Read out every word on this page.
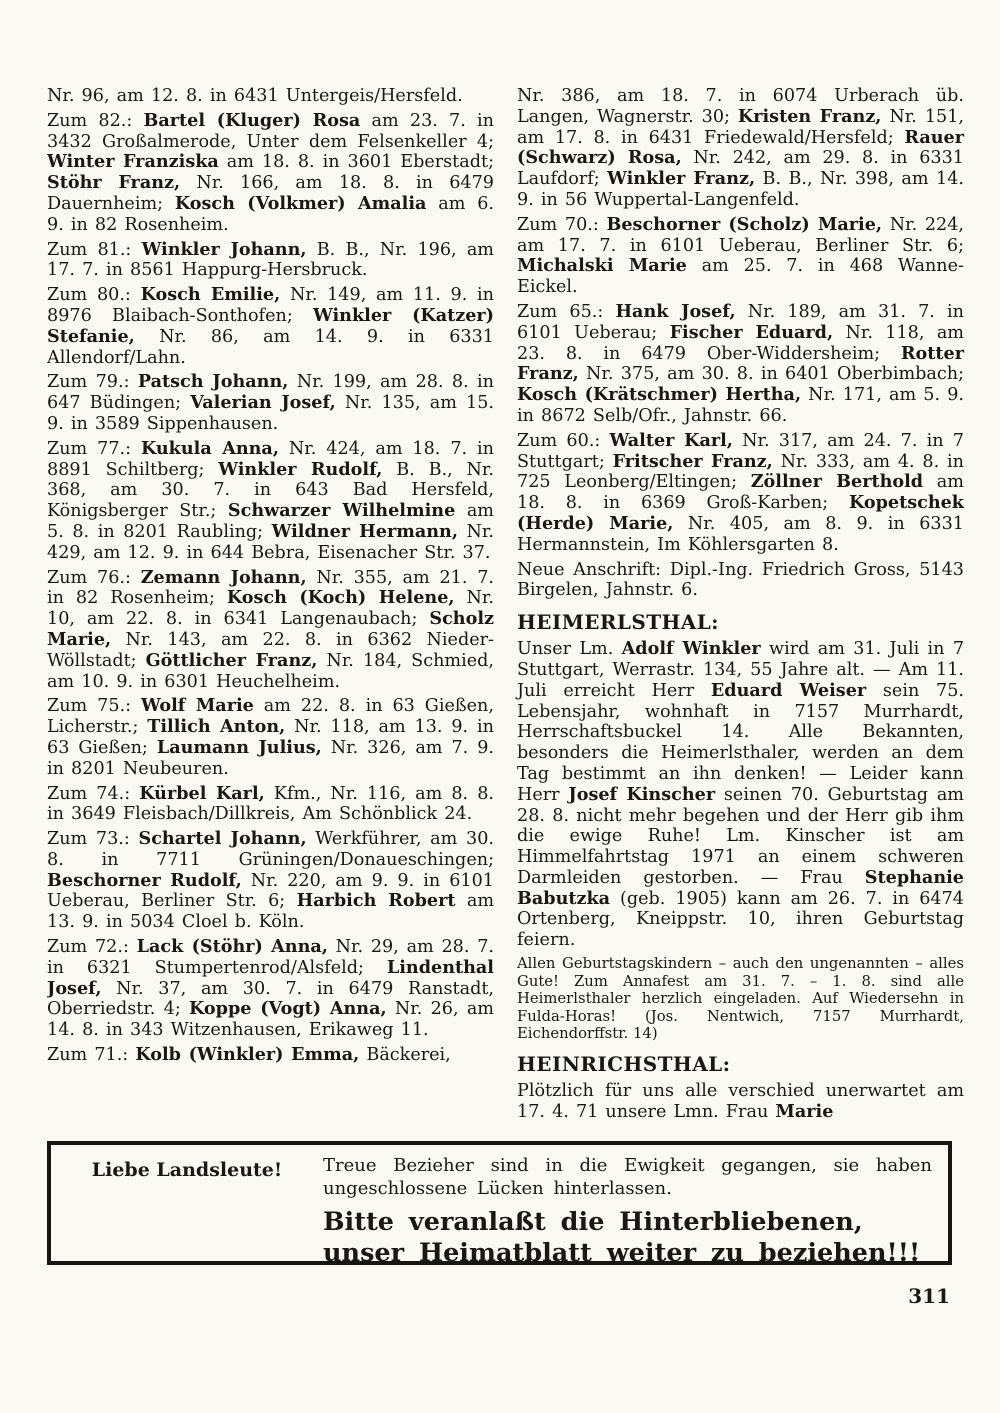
Nr. 96, am 12. 8. in 6431 Untergeis/Hersfeld.

Zum 82.: Bartel (Kluger) Rosa am 23. 7. in 3432 Großalmerode, Unter dem Felsenkeller 4; Winter Franziska am 18. 8. in 3601 Eberstadt; Stöhr Franz, Nr. 166, am 18. 8. in 6479 Dauernheim; Kosch (Volkmer) Amalia am 6. 9. in 82 Rosenheim.

Zum 81.: Winkler Johann, B. B., Nr. 196, am 17. 7. in 8561 Happurg-Hersbruck.

Zum 80.: Kosch Emilie, Nr. 149, am 11. 9. in 8976 Blaibach-Sonthofen; Winkler (Katzer) Stefanie, Nr. 86, am 14. 9. in 6331 Allendorf/Lahn.

Zum 79.: Patsch Johann, Nr. 199, am 28. 8. in 647 Büdingen; Valerian Josef, Nr. 135, am 15. 9. in 3589 Sippenhausen.

Zum 77.: Kukula Anna, Nr. 424, am 18. 7. in 8891 Schiltberg; Winkler Rudolf, B. B., Nr. 368, am 30. 7. in 643 Bad Hersfeld, Königsberger Str.; Schwarzer Wilhelmine am 5. 8. in 8201 Raubling; Wildner Hermann, Nr. 429, am 12. 9. in 644 Bebra, Eisenacher Str. 37.

Zum 76.: Zemann Johann, Nr. 355, am 21. 7. in 82 Rosenheim; Kosch (Koch) Helene, Nr. 10, am 22. 8. in 6341 Langenaubach; Scholz Marie, Nr. 143, am 22. 8. in 6362 Nieder-Wöllstadt; Göttlicher Franz, Nr. 184, Schmied, am 10. 9. in 6301 Heuchelheim.

Zum 75.: Wolf Marie am 22. 8. in 63 Gießen, Licherstr.; Tillich Anton, Nr. 118, am 13. 9. in 63 Gießen; Laumann Julius, Nr. 326, am 7. 9. in 8201 Neubeuren.

Zum 74.: Kürbel Karl, Kfm., Nr. 116, am 8. 8. in 3649 Fleisbach/Dillkreis, Am Schönblick 24.

Zum 73.: Schartel Johann, Werkführer, am 30. 8. in 7711 Grüningen/Donaueschingen; Beschorner Rudolf, Nr. 220, am 9. 9. in 6101 Ueberau, Berliner Str. 6; Harbich Robert am 13. 9. in 5034 Cloel b. Köln.

Zum 72.: Lack (Stöhr) Anna, Nr. 29, am 28. 7. in 6321 Stumpertenrod/Alsfeld; Lindenthal Josef, Nr. 37, am 30. 7. in 6479 Ranstadt, Oberriedstr. 4; Koppe (Vogt) Anna, Nr. 26, am 14. 8. in 343 Witzenhausen, Erikaweg 11.

Zum 71.: Kolb (Winkler) Emma, Bäckerei,

Nr. 386, am 18. 7. in 6074 Urberach üb. Langen, Wagnerstr. 30; Kristen Franz, Nr. 151, am 17. 8. in 6431 Friedewald/Hersfeld; Rauer (Schwarz) Rosa, Nr. 242, am 29. 8. in 6331 Laufdorf; Winkler Franz, B. B., Nr. 398, am 14. 9. in 56 Wuppertal-Langenfeld.

Zum 70.: Beschorner (Scholz) Marie, Nr. 224, am 17. 7. in 6101 Ueberau, Berliner Str. 6; Michalski Marie am 25. 7. in 468 Wanne-Eickel.

Zum 65.: Hank Josef, Nr. 189, am 31. 7. in 6101 Ueberau; Fischer Eduard, Nr. 118, am 23. 8. in 6479 Ober-Widdersheim; Rotter Franz, Nr. 375, am 30. 8. in 6401 Oberbimbach; Kosch (Krätschmer) Hertha, Nr. 171, am 5. 9. in 8672 Selb/Ofr., Jahnstr. 66.

Zum 60.: Walter Karl, Nr. 317, am 24. 7. in 7 Stuttgart; Fritscher Franz, Nr. 333, am 4. 8. in 725 Leonberg/Eltingen; Zöllner Berthold am 18. 8. in 6369 Groß-Karben; Kopetschek (Herde) Marie, Nr. 405, am 8. 9. in 6331 Hermannstein, Im Köhlersgarten 8.

Neue Anschrift: Dipl.-Ing. Friedrich Gross, 5143 Birgelen, Jahnstr. 6.

HEIMERLSTHAL:

Unser Lm. Adolf Winkler wird am 31. Juli in 7 Stuttgart, Werrastr. 134, 55 Jahre alt. — Am 11. Juli erreicht Herr Eduard Weiser sein 75. Lebensjahr, wohnhaft in 7157 Murrhardt, Herrschaftsbuckel 14. Alle Bekannten, besonders die Heimerlsthaler, werden an dem Tag bestimmt an ihn denken! — Leider kann Herr Josef Kinscher seinen 70. Geburtstag am 28. 8. nicht mehr begehen und der Herr gib ihm die ewige Ruhe! Lm. Kinscher ist am Himmelfahrtstag 1971 an einem schweren Darmleiden gestorben. — Frau Stephanie Babutzka (geb. 1905) kann am 26. 7. in 6474 Ortenberg, Kneippstr. 10, ihren Geburtstag feiern.

Allen Geburtstagskindern – auch den ungenannten – alles Gute! Zum Annafest am 31. 7. – 1. 8. sind alle Heimerlsthaler herzlich eingeladen. Auf Wiedersehn in Fulda-Horas! (Jos. Nentwich, 7157 Murrhardt, Eichendorffstr. 14)

HEINRICHSTHAL:

Plötzlich für uns alle verschied unerwartet am 17. 4. 71 unsere Lmn. Frau Marie

Liebe Landsleute!	Treue Bezieher sind in die Ewigkeit gegangen, sie haben ungeschlossene Lücken hinterlassen.

Bitte veranlaßt die Hinterbliebenen, unser Heimatblatt weiter zu beziehen!!!

311
